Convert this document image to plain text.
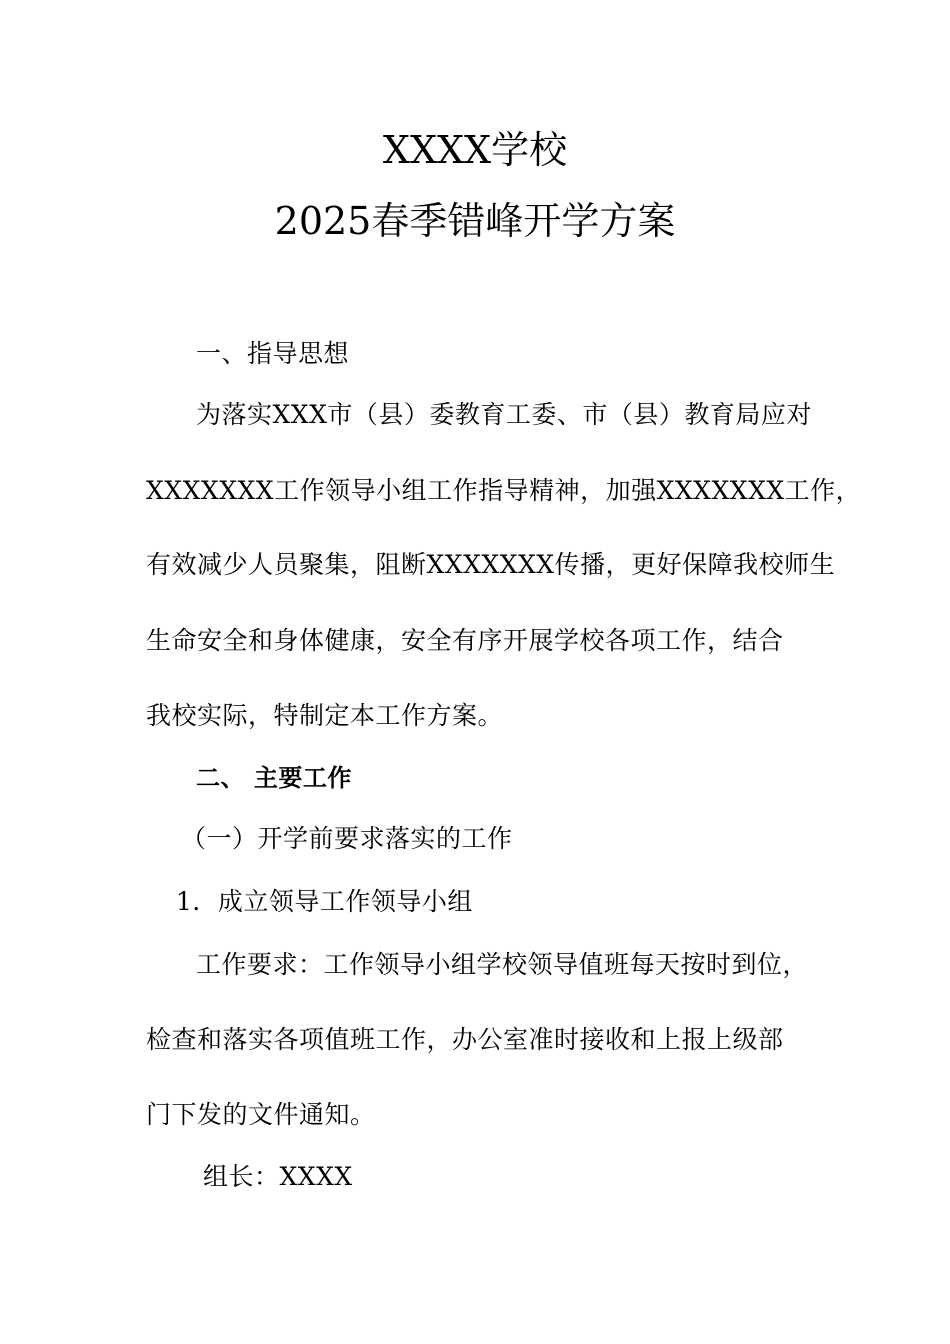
XXXX学校
2025春季错峰开学方案
一、指导思想
为落实XXX市（县）委教育工委、市（县）教育局应对
XXXXXXX工作领导小组工作指导精神，加强XXXXXXX工作，
有效减少人员聚集，阻断XXXXXXX传播，更好保障我校师生
生命安全和身体健康，安全有序开展学校各项工作，结合
我校实际，特制定本工作方案。
二、 主要工作
（一）开学前要求落实的工作
1．成立领导工作领导小组
工作要求：工作领导小组学校领导值班每天按时到位，
检查和落实各项值班工作，办公室准时接收和上报上级部
门下发的文件通知。
组长：XXXX
